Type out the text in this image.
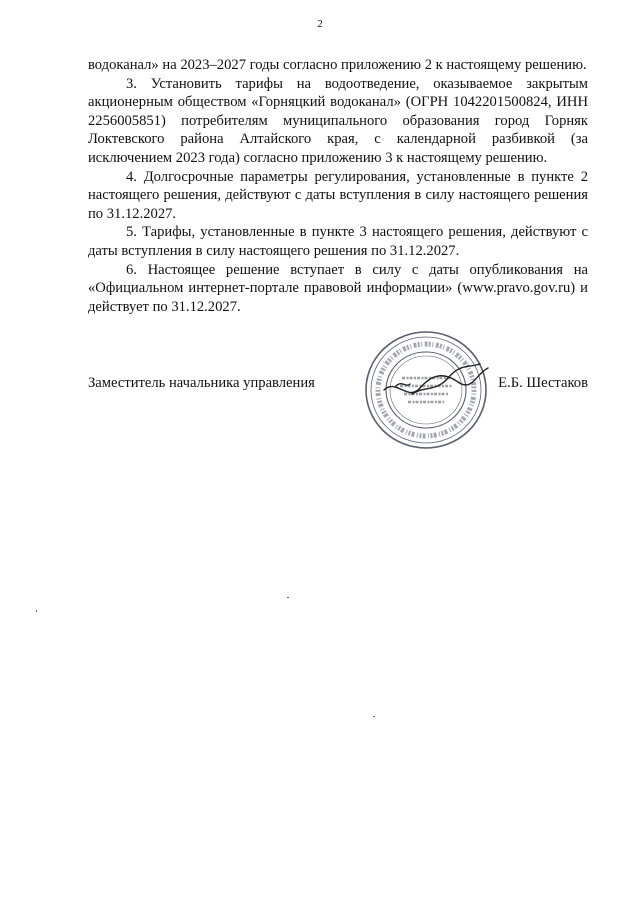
2

водоканал» на 2023–2027 годы согласно приложению 2 к настоящему решению.

3. Установить тарифы на водоотведение, оказываемое закрытым акционерным обществом «Горняцкий водоканал» (ОГРН 1042201500824, ИНН 2256005851) потребителям муниципального образования город Горняк Локтевского района Алтайского края, с календарной разбивкой (за исключением 2023 года) согласно приложению 3 к настоящему решению.

4. Долгосрочные параметры регулирования, установленные в пункте 2 настоящего решения, действуют с даты вступления в силу настоящего решения по 31.12.2027.

5. Тарифы, установленные в пункте 3 настоящего решения, действуют с даты вступления в силу настоящего решения по 31.12.2027.

6. Настоящее решение вступает в силу с даты опубликования на «Официальном интернет-портале правовой информации» (www.pravo.gov.ru) и действует по 31.12.2027.

Заместитель начальника управления	Е.Б. Шестаков
